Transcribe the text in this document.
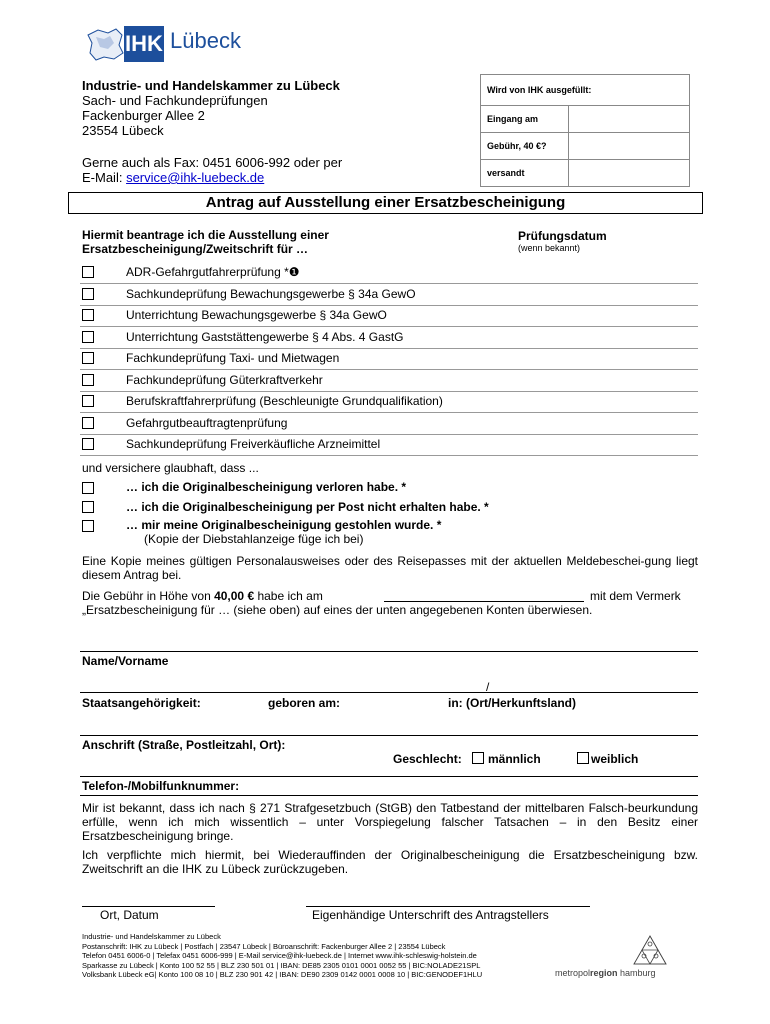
IHK Lübeck
Industrie- und Handelskammer zu Lübeck
Sach- und Fachkundeprüfungen
Fackenburger Allee 2
23554 Lübeck
Gerne auch als Fax: 0451 6006-992 oder per
E-Mail: service@ihk-luebeck.de
Wird von IHK ausgefüllt:	
Eingang am	
Gebühr, 40 €?	
versandt	
Antrag auf Ausstellung einer Ersatzbescheinigung
Hiermit beantrage ich die Ausstellung einer
Ersatzbescheinigung/Zweitschrift für …
Prüfungsdatum
(wenn bekannt)
ADR-Gefahrgutfahrerprüfung *❶
Sachkundeprüfung Bewachungsgewerbe § 34a GewO
Unterrichtung Bewachungsgewerbe § 34a GewO
Unterrichtung Gaststättengewerbe § 4 Abs. 4 GastG
Fachkundeprüfung Taxi- und Mietwagen
Fachkundeprüfung Güterkraftverkehr
Berufskraftfahrerprüfung (Beschleunigte Grundqualifikation)
Gefahrgutbeauftragtenprüfung
Sachkundeprüfung Freiverkäufliche Arzneimittel
und versichere glaubhaft, dass ...
… ich die Originalbescheinigung verloren habe. *
… ich die Originalbescheinigung per Post nicht erhalten habe. *
… mir meine Originalbescheinigung gestohlen wurde. *
(Kopie der Diebstahlanzeige füge ich bei)
Eine Kopie meines gültigen Personalausweises oder des Reisepasses mit der aktuellen Meldebeschei-gung liegt diesem Antrag bei.
Die Gebühr in Höhe von 40,00 € habe ich am	mit dem Vermerk
„Ersatzbescheinigung für … (siehe oben) auf eines der unten angegebenen Konten überwiesen.
Name/Vorname
/
Staatsangehörigkeit:	geboren am:	in: (Ort/Herkunftsland)
Anschrift (Straße, Postleitzahl, Ort):
Geschlecht: männlich	weiblich
Telefon-/Mobilfunknummer:
Mir ist bekannt, dass ich nach § 271 Strafgesetzbuch (StGB) den Tatbestand der mittelbaren Falsch-beurkundung erfülle, wenn ich mich wissentlich – unter Vorspiegelung falscher Tatsachen – in den Besitz einer Ersatzbescheinigung bringe.
Ich verpflichte mich hiermit, bei Wiederauffinden der Originalbescheinigung die Ersatzbescheinigung bzw. Zweitschrift an die IHK zu Lübeck zurückzugeben.
Ort, Datum	Eigenhändige Unterschrift des Antragstellers
Industrie- und Handelskammer zu Lübeck
Postanschrift: IHK zu Lübeck | Postfach | 23547 Lübeck | Büroanschrift: Fackenburger Allee 2 | 23554 Lübeck
Telefon 0451 6006-0 | Telefax 0451 6006-999 | E-Mail service@ihk-luebeck.de | Internet www.ihk-schleswig-holstein.de
Sparkasse zu Lübeck | Konto 100 52 55 | BLZ 230 501 01 | IBAN: DE85 2305 0101 0001 0052 55 | BIC:NOLADE21SPL
Volksbank Lübeck eG| Konto 100 08 10 | BLZ 230 901 42 | IBAN: DE90 2309 0142 0001 0008 10 | BIC:GENODEF1HLU	metropolregion hamburg
